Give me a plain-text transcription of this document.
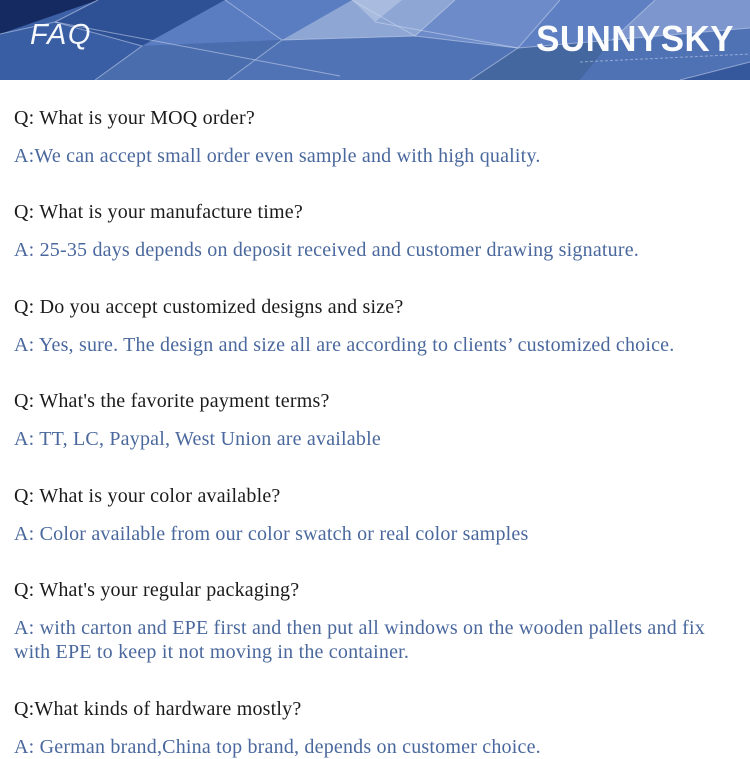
FAQ	SUNNYSKY
Q: What is your MOQ order?
A:We can accept small order even sample and with high quality.
Q: What is your manufacture time?
A: 25-35 days depends on deposit received and customer drawing signature.
Q: Do you accept customized designs and size?
A: Yes, sure. The design and size all are according to clients’ customized choice.
Q: What's the favorite payment terms?
A: TT, LC, Paypal, West Union are available
Q: What is your color available?
A: Color available from our color swatch or real color samples
Q: What's your regular packaging?
A: with carton and EPE first and then put all windows on the wooden pallets and fix with EPE to keep it not moving in the container.
Q:What kinds of hardware mostly?
A: German brand,China top brand, depends on customer choice.
